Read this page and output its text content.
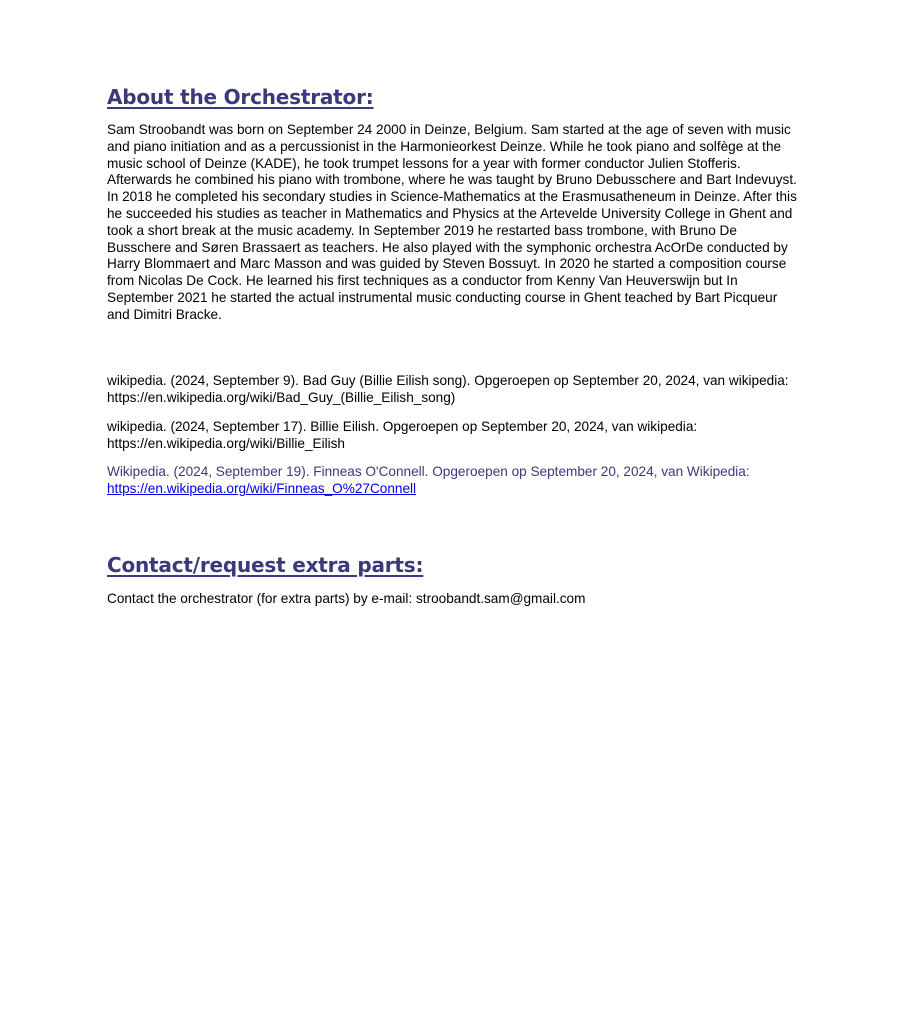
About the Orchestrator:

Sam Stroobandt was born on September 24 2000 in Deinze, Belgium. Sam started at the age of seven with music and piano initiation and as a percussionist in the Harmonieorkest Deinze. While he took piano and solfège at the music school of Deinze (KADE), he took trumpet lessons for a year with former conductor Julien Stofferis. Afterwards he combined his piano with trombone, where he was taught by Bruno Debusschere and Bart Indevuyst. In 2018 he completed his secondary studies in Science-Mathematics at the Erasmusatheneum in Deinze. After this he succeeded his studies as teacher in Mathematics and Physics at the Artevelde University College in Ghent and took a short break at the music academy. In September 2019 he restarted bass trombone, with Bruno De Busschere and Søren Brassaert as teachers. He also played with the symphonic orchestra AcOrDe conducted by Harry Blommaert and Marc Masson and was guided by Steven Bossuyt. In 2020 he started a composition course from Nicolas De Cock. He learned his first techniques as a conductor from Kenny Van Heuverswijn but In September 2021 he started the actual instrumental music conducting course in Ghent teached by Bart Picqueur and Dimitri Bracke.

wikipedia. (2024, September 9). Bad Guy (Billie Eilish song). Opgeroepen op September 20, 2024, van wikipedia: https://en.wikipedia.org/wiki/Bad_Guy_(Billie_Eilish_song)

wikipedia. (2024, September 17). Billie Eilish. Opgeroepen op September 20, 2024, van wikipedia: https://en.wikipedia.org/wiki/Billie_Eilish

Wikipedia. (2024, September 19). Finneas O'Connell. Opgeroepen op September 20, 2024, van Wikipedia: https://en.wikipedia.org/wiki/Finneas_O%27Connell

Contact/request extra parts:

Contact the orchestrator (for extra parts) by e-mail: stroobandt.sam@gmail.com
